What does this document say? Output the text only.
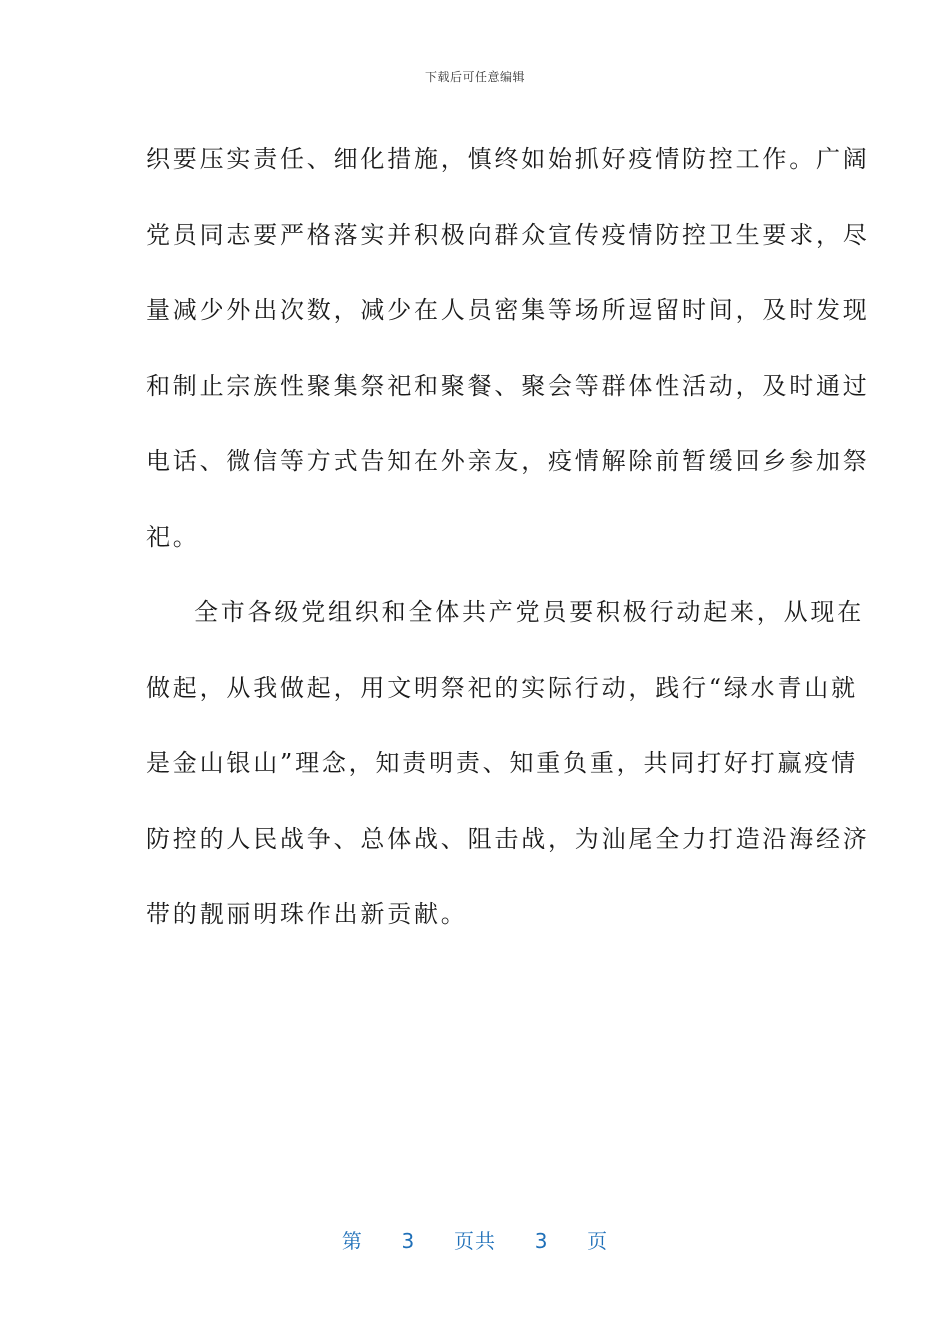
下载后可任意编辑
织要压实责任、细化措施，慎终如始抓好疫情防控工作。广阔
党员同志要严格落实并积极向群众宣传疫情防控卫生要求，尽
量减少外出次数，减少在人员密集等场所逗留时间，及时发现
和制止宗族性聚集祭祀和聚餐、聚会等群体性活动，及时通过
电话、微信等方式告知在外亲友，疫情解除前暂缓回乡参加祭
祀。
全市各级党组织和全体共产党员要积极行动起来，从现在
做起，从我做起，用文明祭祀的实际行动，践行“绿水青山就
是金山银山”理念，知责明责、知重负重，共同打好打赢疫情
防控的人民战争、总体战、阻击战，为汕尾全力打造沿海经济
带的靓丽明珠作出新贡献。
第 3 页共 3 页
